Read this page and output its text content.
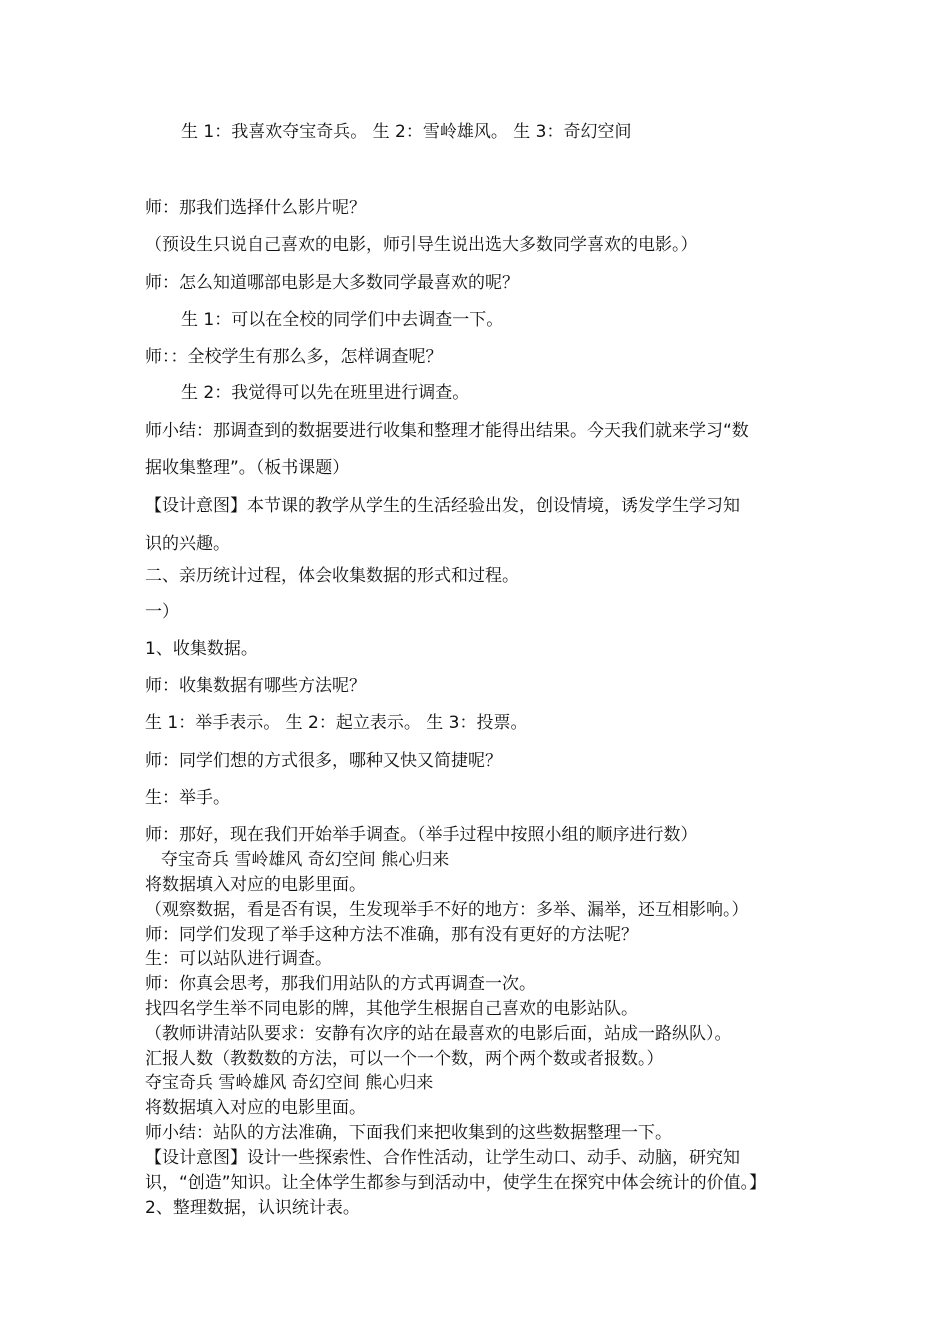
生 1：我喜欢夺宝奇兵。 生 2：雪岭雄风。 生 3：奇幻空间
师：那我们选择什么影片呢？
（预设生只说自己喜欢的电影，师引导生说出选大多数同学喜欢的电影。）
师：怎么知道哪部电影是大多数同学最喜欢的呢？
生 1：可以在全校的同学们中去调查一下。
师：：全校学生有那么多，怎样调查呢？
生 2：我觉得可以先在班里进行调查。
师小结：那调查到的数据要进行收集和整理才能得出结果。今天我们就来学习“数
据收集整理”。（板书课题）
【设计意图】本节课的教学从学生的生活经验出发，创设情境，诱发学生学习知
识的兴趣。
二、亲历统计过程，体会收集数据的形式和过程。
一）
1、收集数据。
师：收集数据有哪些方法呢？
生 1：举手表示。 生 2：起立表示。 生 3：投票。
师：同学们想的方式很多，哪种又快又简捷呢？
生：举手。
师：那好，现在我们开始举手调查。（举手过程中按照小组的顺序进行数）
夺宝奇兵 雪岭雄风 奇幻空间 熊心归来
将数据填入对应的电影里面。
（观察数据，看是否有误，生发现举手不好的地方：多举、漏举，还互相影响。）
师：同学们发现了举手这种方法不准确，那有没有更好的方法呢？
生：可以站队进行调查。
师：你真会思考，那我们用站队的方式再调查一次。
找四名学生举不同电影的牌，其他学生根据自己喜欢的电影站队。
（教师讲清站队要求：安静有次序的站在最喜欢的电影后面，站成一路纵队）。
汇报人数（教数数的方法，可以一个一个数，两个两个数或者报数。）
夺宝奇兵 雪岭雄风 奇幻空间 熊心归来
将数据填入对应的电影里面。
师小结：站队的方法准确，下面我们来把收集到的这些数据整理一下。
【设计意图】设计一些探索性、合作性活动，让学生动口、动手、动脑，研究知
识，“创造”知识。让全体学生都参与到活动中，使学生在探究中体会统计的价值。】
2、整理数据，认识统计表。
